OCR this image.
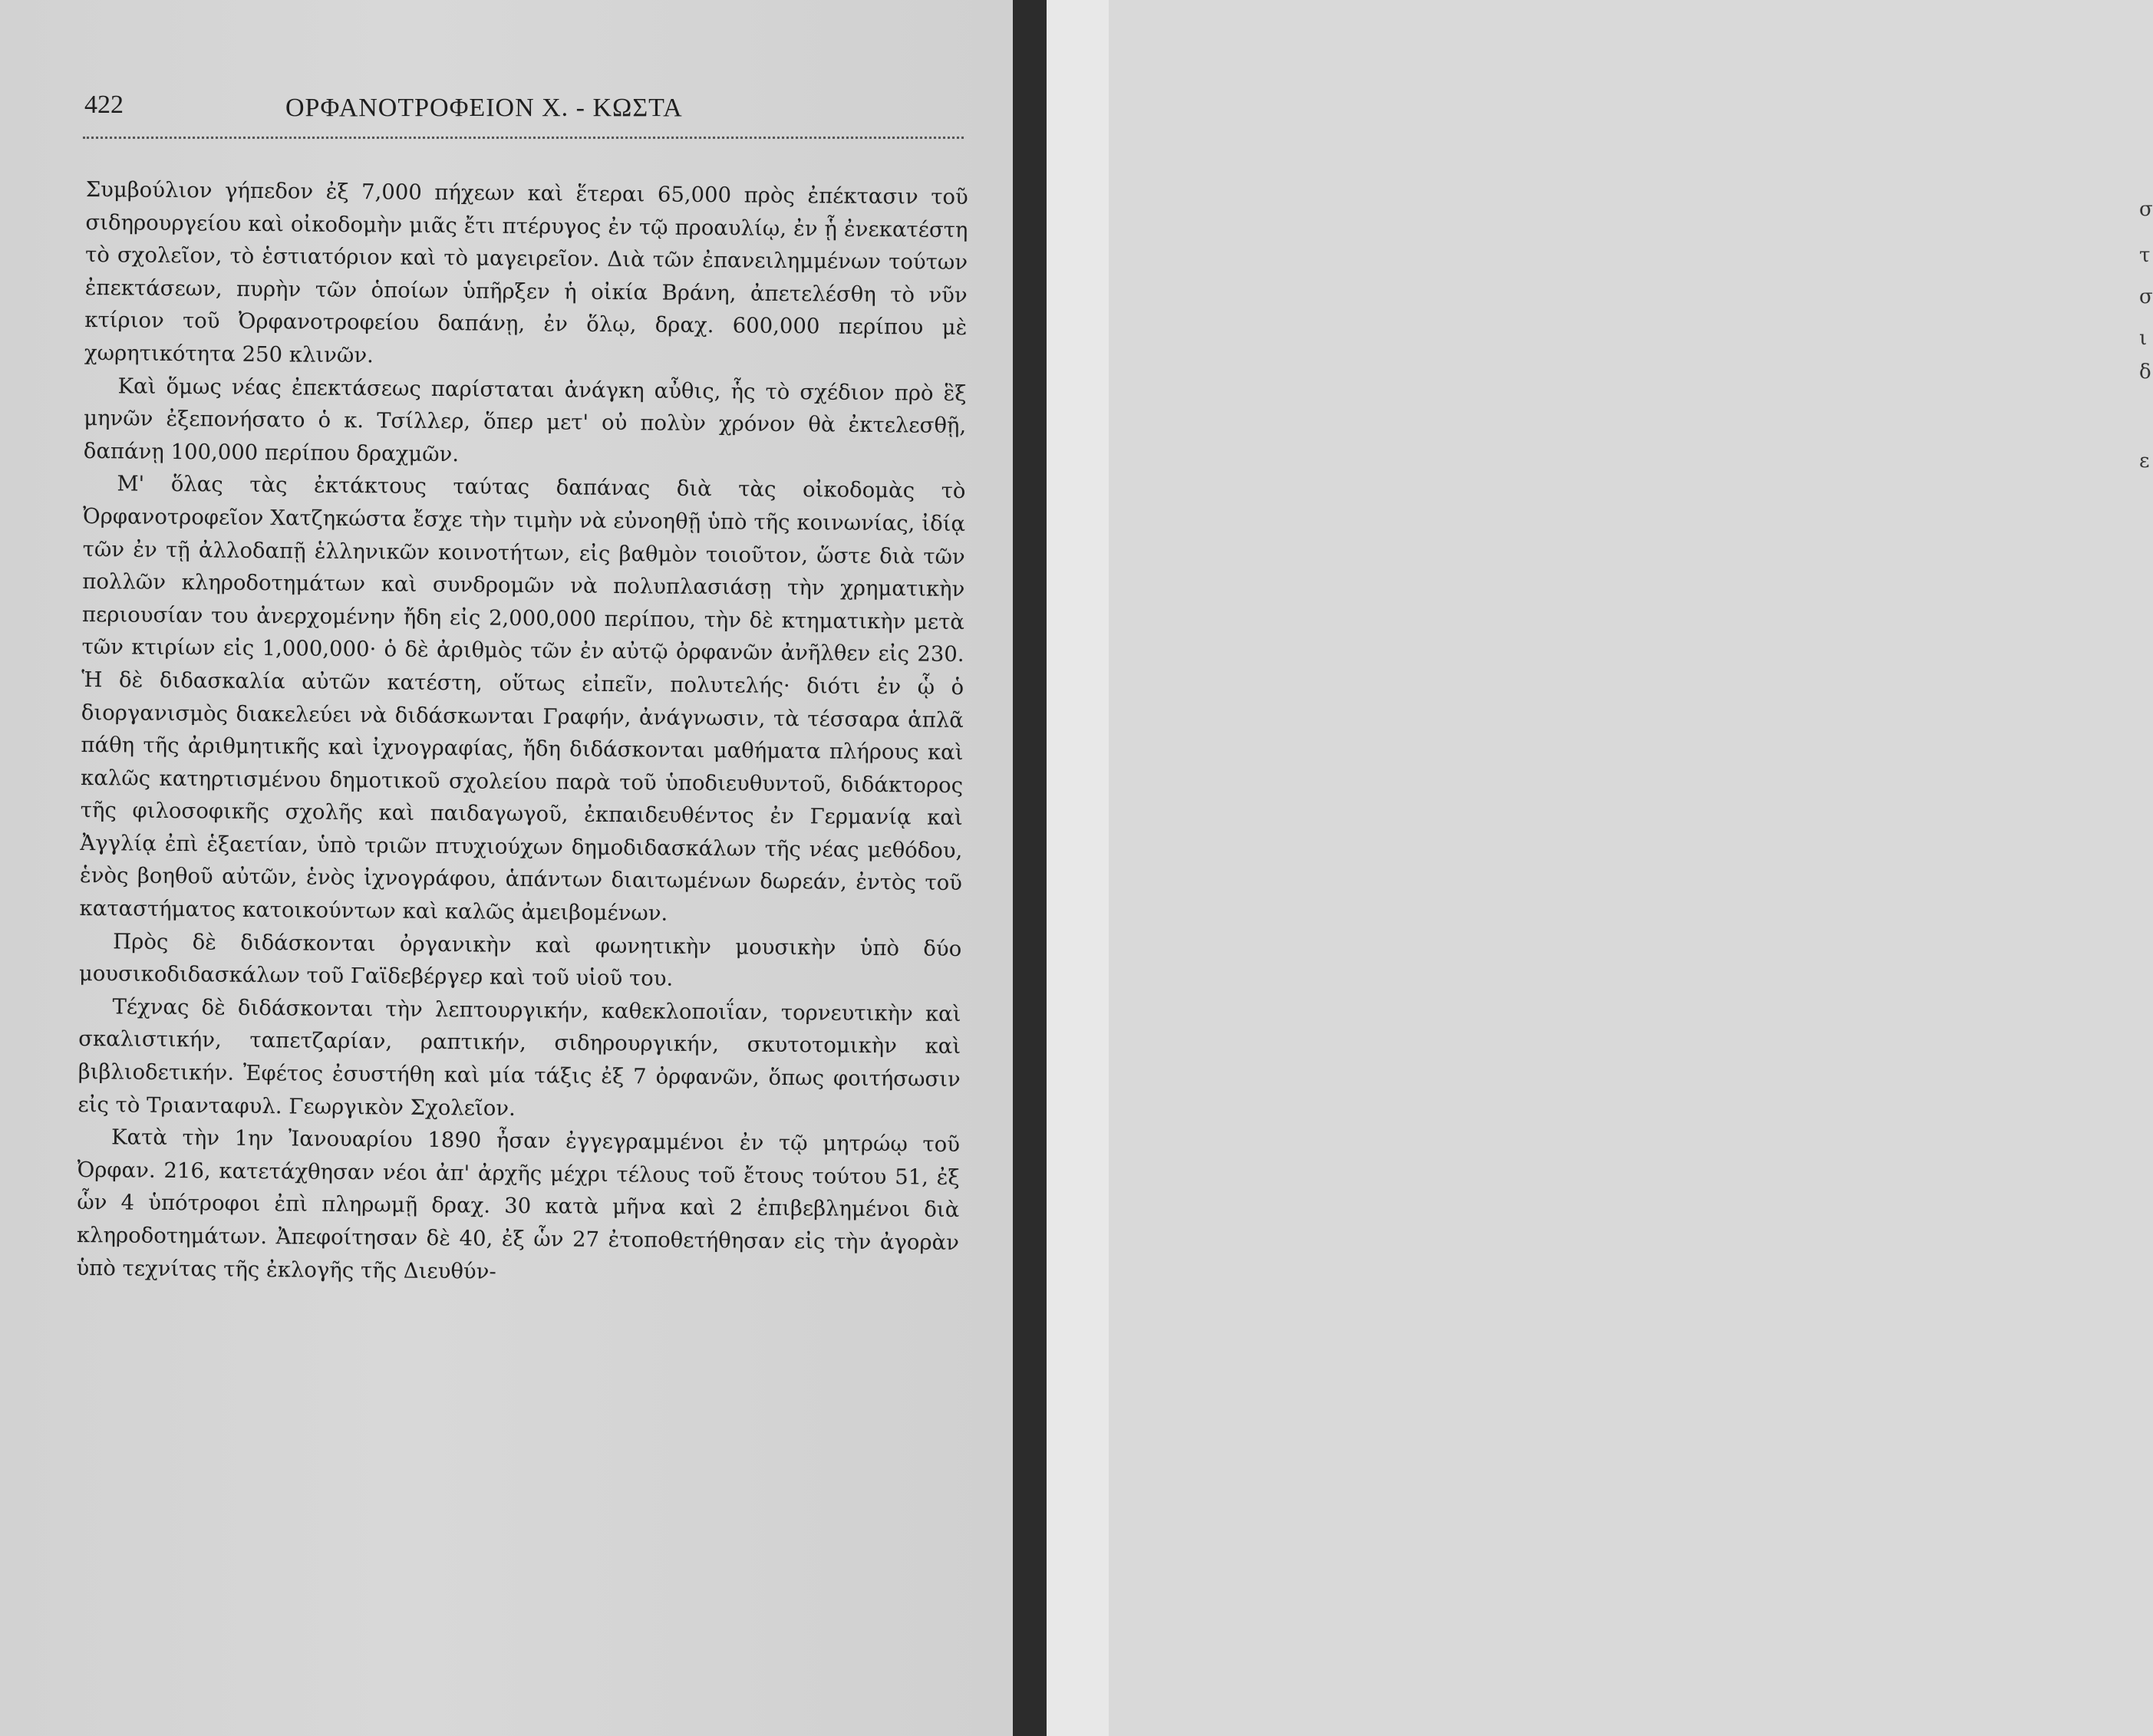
422	ΟΡΦΑΝΟΤΡΟΦΕΙΟΝ Χ. - ΚΩΣΤΑ

Συμβούλιον γήπεδον ἐξ 7,000 πήχεων καὶ ἕτεραι 65,000 πρὸς ἐπέκτασιν τοῦ σιδηρουργείου καὶ οἰκοδομὴν μιᾶς ἔτι πτέρυγος ἐν τῷ προαυλίῳ, ἐν ᾗ ἐνεκατέστη τὸ σχολεῖον, τὸ ἑστιατόριον καὶ τὸ μαγειρεῖον. Διὰ τῶν ἐπανειλημμένων τούτων ἐπεκτάσεων, πυρὴν τῶν ὁποίων ὑπῆρξεν ἡ οἰκία Βράνη, ἀπετελέσθη τὸ νῦν κτίριον τοῦ Ὀρφανοτροφείου δαπάνῃ, ἐν ὅλῳ, δραχ. 600,000 περίπου μὲ χωρητικότητα 250 κλινῶν.

Καὶ ὅμως νέας ἐπεκτάσεως παρίσταται ἀνάγκη αὖθις, ἧς τὸ σχέδιον πρὸ ἓξ μηνῶν ἐξεπονήσατο ὁ κ. Τσίλλερ, ὅπερ μετ' οὐ πολὺν χρόνον θὰ ἐκτελεσθῇ, δαπάνῃ 100,000 περίπου δραχμῶν.

Μ' ὅλας τὰς ἐκτάκτους ταύτας δαπάνας διὰ τὰς οἰκοδομὰς τὸ Ὀρφανοτροφεῖον Χατζηκώστα ἔσχε τὴν τιμὴν νὰ εὐνοηθῇ ὑπὸ τῆς κοινωνίας, ἰδίᾳ τῶν ἐν τῇ ἀλλοδαπῇ ἑλληνικῶν κοινοτήτων, εἰς βαθμὸν τοιοῦτον, ὥστε διὰ τῶν πολλῶν κληροδοτημάτων καὶ συνδρομῶν νὰ πολυπλασιάσῃ τὴν χρηματικὴν περιουσίαν του ἀνερχομένην ἤδη εἰς 2,000,000 περίπου, τὴν δὲ κτηματικὴν μετὰ τῶν κτιρίων εἰς 1,000,000· ὁ δὲ ἀριθμὸς τῶν ἐν αὐτῷ ὀρφανῶν ἀνῆλθεν εἰς 230. Ἡ δὲ διδασκαλία αὐτῶν κατέστη, οὕτως εἰπεῖν, πολυτελής· διότι ἐν ᾧ ὁ διοργανισμὸς διακελεύει νὰ διδάσκωνται Γραφήν, ἀνάγνωσιν, τὰ τέσσαρα ἁπλᾶ πάθη τῆς ἀριθμητικῆς καὶ ἰχνογραφίας, ἤδη διδάσκονται μαθήματα πλήρους καὶ καλῶς κατηρτισμένου δημοτικοῦ σχολείου παρὰ τοῦ ὑποδιευθυντοῦ, διδάκτορος τῆς φιλοσοφικῆς σχολῆς καὶ παιδαγωγοῦ, ἐκπαιδευθέντος ἐν Γερμανίᾳ καὶ Ἀγγλίᾳ ἐπὶ ἑξαετίαν, ὑπὸ τριῶν πτυχιούχων δημοδιδασκάλων τῆς νέας μεθόδου, ἑνὸς βοηθοῦ αὐτῶν, ἑνὸς ἰχνογράφου, ἁπάντων διαιτωμένων δωρεάν, ἐντὸς τοῦ καταστήματος κατοικούντων καὶ καλῶς ἀμειβομένων.

Πρὸς δὲ διδάσκονται ὀργανικὴν καὶ φωνητικὴν μουσικὴν ὑπὸ δύο μουσικοδιδασκάλων τοῦ Γαϊδεβέργερ καὶ τοῦ υἱοῦ του.

Τέχνας δὲ διδάσκονται τὴν λεπτουργικήν, καθεκλοποιΐαν, τορνευτικὴν καὶ σκαλιστικήν, ταπετζαρίαν, ραπτικήν, σιδηρουργικήν, σκυτοτομικὴν καὶ βιβλιοδετικήν. Ἐφέτος ἐσυστήθη καὶ μία τάξις ἐξ 7 ὀρφανῶν, ὅπως φοιτήσωσιν εἰς τὸ Τριανταφυλ. Γεωργικὸν Σχολεῖον.

Κατὰ τὴν 1ην Ἰανουαρίου 1890 ἦσαν ἐγγεγραμμένοι ἐν τῷ μητρώῳ τοῦ Ὀρφαν. 216, κατετάχθησαν νέοι ἀπ' ἀρχῆς μέχρι τέλους τοῦ ἔτους τούτου 51, ἐξ ὧν 4 ὑπότροφοι ἐπὶ πληρωμῇ δραχ. 30 κατὰ μῆνα καὶ 2 ἐπιβεβλημένοι διὰ κληροδοτημάτων. Ἀπεφοίτησαν δὲ 40, ἐξ ὧν 27 ἐτοποθετήθησαν εἰς τὴν ἀγορὰν ὑπὸ τεχνίτας τῆς ἐκλογῆς τῆς Διευθύν-

σ
τ
σ
ι
δ
ε
